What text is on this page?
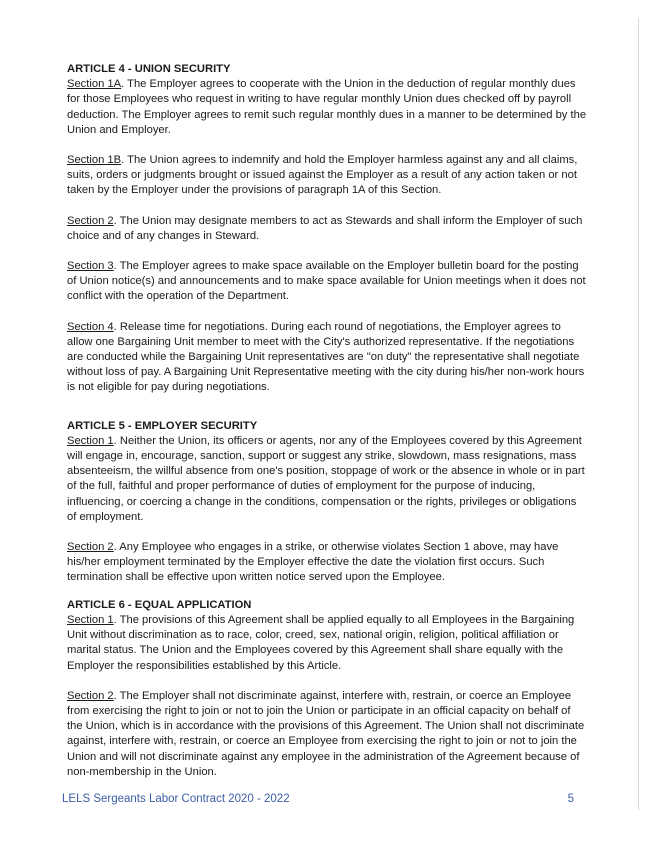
ARTICLE 4 - UNION SECURITY

Section 1A. The Employer agrees to cooperate with the Union in the deduction of regular monthly dues for those Employees who request in writing to have regular monthly Union dues checked off by payroll deduction. The Employer agrees to remit such regular monthly dues in a manner to be determined by the Union and Employer.

Section 1B. The Union agrees to indemnify and hold the Employer harmless against any and all claims, suits, orders or judgments brought or issued against the Employer as a result of any action taken or not taken by the Employer under the provisions of paragraph 1A of this Section.

Section 2. The Union may designate members to act as Stewards and shall inform the Employer of such choice and of any changes in Steward.

Section 3. The Employer agrees to make space available on the Employer bulletin board for the posting of Union notice(s) and announcements and to make space available for Union meetings when it does not conflict with the operation of the Department.

Section 4. Release time for negotiations. During each round of negotiations, the Employer agrees to allow one Bargaining Unit member to meet with the City's authorized representative. If the negotiations are conducted while the Bargaining Unit representatives are "on duty" the representative shall negotiate without loss of pay. A Bargaining Unit Representative meeting with the city during his/her non-work hours is not eligible for pay during negotiations.

ARTICLE 5 - EMPLOYER SECURITY

Section 1. Neither the Union, its officers or agents, nor any of the Employees covered by this Agreement will engage in, encourage, sanction, support or suggest any strike, slowdown, mass resignations, mass absenteeism, the willful absence from one's position, stoppage of work or the absence in whole or in part of the full, faithful and proper performance of duties of employment for the purpose of inducing, influencing, or coercing a change in the conditions, compensation or the rights, privileges or obligations of employment.

Section 2. Any Employee who engages in a strike, or otherwise violates Section 1 above, may have his/her employment terminated by the Employer effective the date the violation first occurs. Such termination shall be effective upon written notice served upon the Employee.

ARTICLE 6 - EQUAL APPLICATION

Section 1. The provisions of this Agreement shall be applied equally to all Employees in the Bargaining Unit without discrimination as to race, color, creed, sex, national origin, religion, political affiliation or marital status. The Union and the Employees covered by this Agreement shall share equally with the Employer the responsibilities established by this Article.

Section 2. The Employer shall not discriminate against, interfere with, restrain, or coerce an Employee from exercising the right to join or not to join the Union or participate in an official capacity on behalf of the Union, which is in accordance with the provisions of this Agreement. The Union shall not discriminate against, interfere with, restrain, or coerce an Employee from exercising the right to join or not to join the Union and will not discriminate against any employee in the administration of the Agreement because of non-membership in the Union.

LELS Sergeants Labor Contract 2020 - 2022	5
